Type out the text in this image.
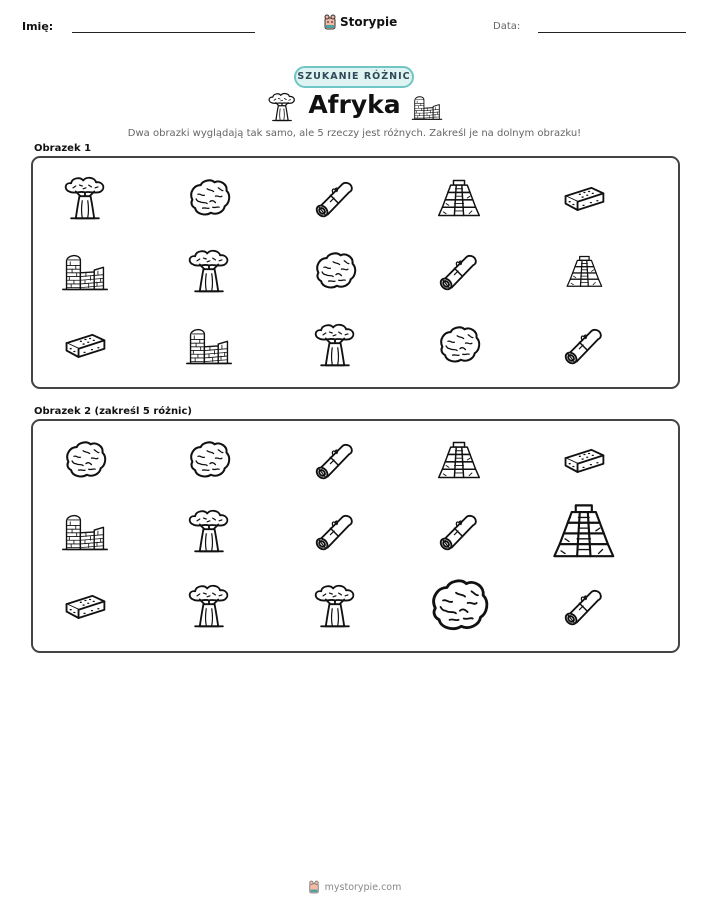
Imię:	Storypie	Data:
SZUKANIE RÓŻNIC
Afryka
Dwa obrazki wyglądają tak samo, ale 5 rzeczy jest różnych. Zakreśl je na dolnym obrazku!
Obrazek 1
Obrazek 2 (zakreśl 5 różnic)
mystorypie.com
